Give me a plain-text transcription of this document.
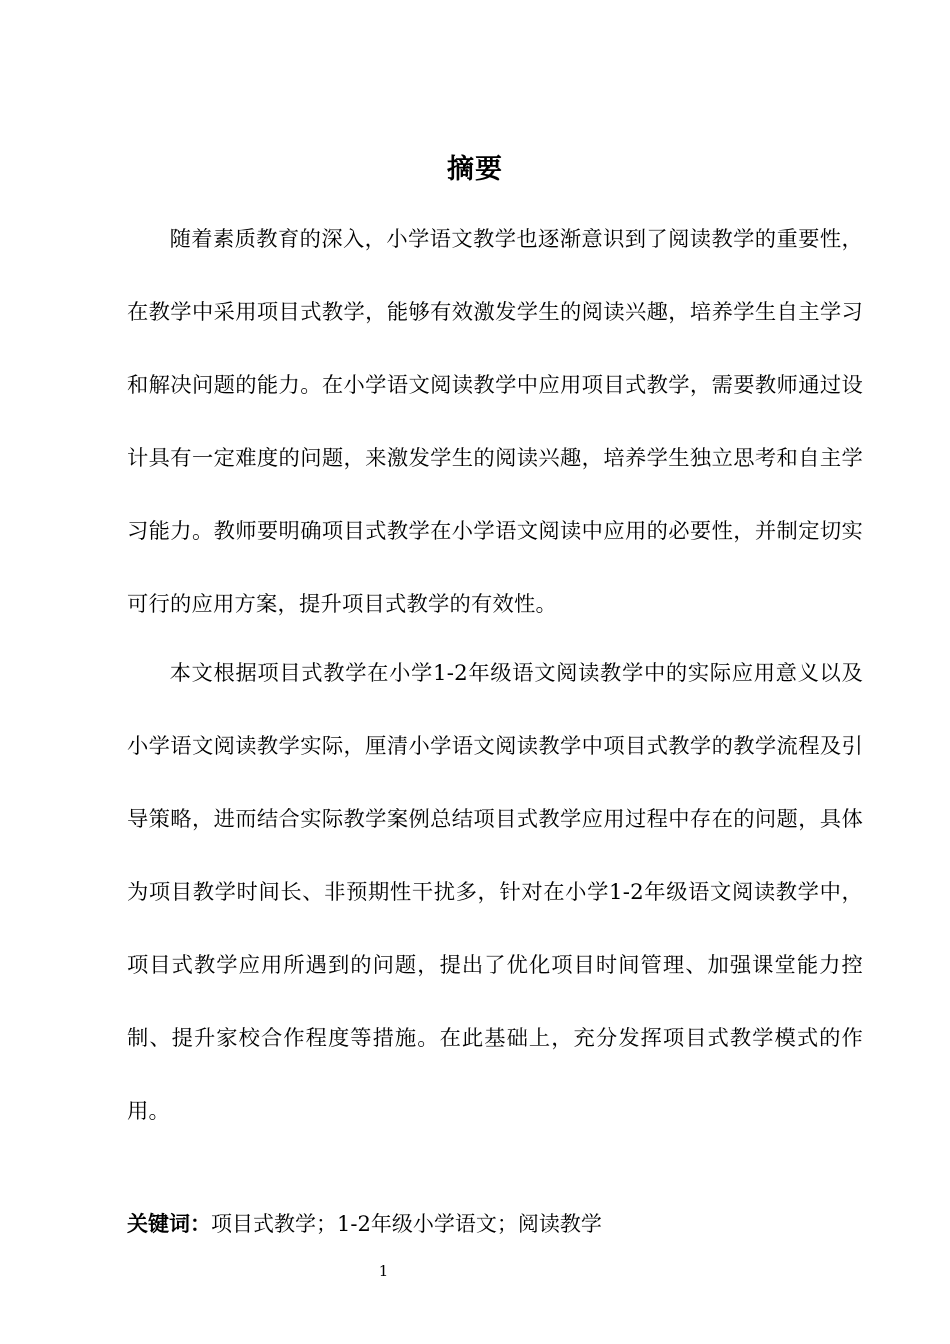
摘要

随着素质教育的深入，小学语文教学也逐渐意识到了阅读教学的重要性，在教学中采用项目式教学，能够有效激发学生的阅读兴趣，培养学生自主学习和解决问题的能力。在小学语文阅读教学中应用项目式教学，需要教师通过设计具有一定难度的问题，来激发学生的阅读兴趣，培养学生独立思考和自主学习能力。教师要明确项目式教学在小学语文阅读中应用的必要性，并制定切实可行的应用方案，提升项目式教学的有效性。

本文根据项目式教学在小学1-2年级语文阅读教学中的实际应用意义以及小学语文阅读教学实际，厘清小学语文阅读教学中项目式教学的教学流程及引导策略，进而结合实际教学案例总结项目式教学应用过程中存在的问题，具体为项目教学时间长、非预期性干扰多，针对在小学1-2年级语文阅读教学中，项目式教学应用所遇到的问题，提出了优化项目时间管理、加强课堂能力控制、提升家校合作程度等措施。在此基础上，充分发挥项目式教学模式的作用。

关键词：项目式教学；1-2年级小学语文；阅读教学
1
